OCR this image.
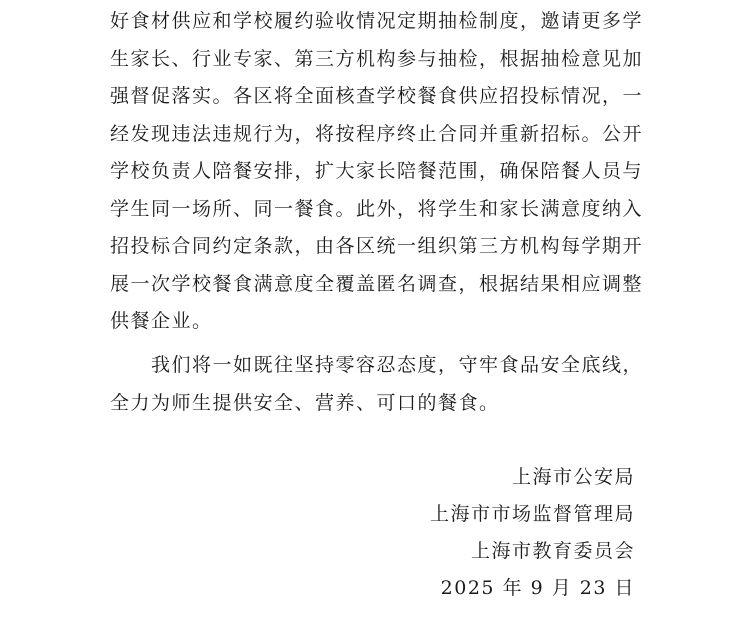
好食材供应和学校履约验收情况定期抽检制度，邀请更多学
生家长、行业专家、第三方机构参与抽检，根据抽检意见加
强督促落实。各区将全面核查学校餐食供应招投标情况，一
经发现违法违规行为，将按程序终止合同并重新招标。公开
学校负责人陪餐安排，扩大家长陪餐范围，确保陪餐人员与
学生同一场所、同一餐食。此外，将学生和家长满意度纳入
招投标合同约定条款，由各区统一组织第三方机构每学期开
展一次学校餐食满意度全覆盖匿名调查，根据结果相应调整
供餐企业。
　　我们将一如既往坚持零容忍态度，守牢食品安全底线，
全力为师生提供安全、营养、可口的餐食。
上海市公安局
上海市市场监督管理局
上海市教育委员会
2025 年 9 月 23 日
